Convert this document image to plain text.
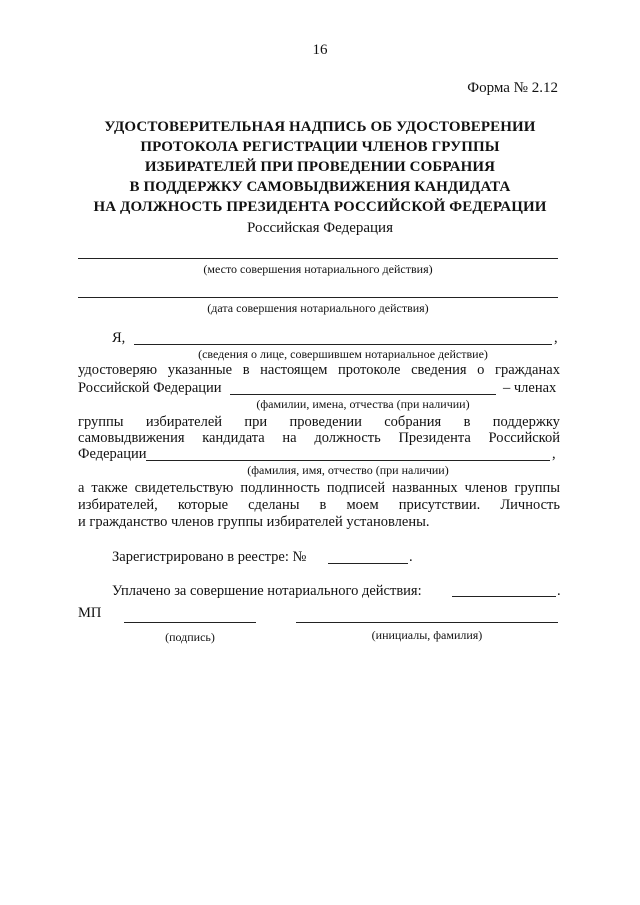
16
Форма № 2.12
УДОСТОВЕРИТЕЛЬНАЯ НАДПИСЬ ОБ УДОСТОВЕРЕНИИ
ПРОТОКОЛА РЕГИСТРАЦИИ ЧЛЕНОВ ГРУППЫ
ИЗБИРАТЕЛЕЙ ПРИ ПРОВЕДЕНИИ СОБРАНИЯ
В ПОДДЕРЖКУ САМОВЫДВИЖЕНИЯ КАНДИДАТА
НА ДОЛЖНОСТЬ ПРЕЗИДЕНТА РОССИЙСКОЙ ФЕДЕРАЦИИ
Российская Федерация
(место совершения нотариального действия)
(дата совершения нотариального действия)
Я,	,
(сведения о лице, совершившем нотариальное действие)
удостоверяю указанные в настоящем протоколе сведения о гражданах
Российской Федерации	– членах
(фамилии, имена, отчества (при наличии)
группы избирателей при проведении собрания в поддержку
самовыдвижения кандидата на должность Президента Российской
Федерации	,
(фамилия, имя, отчество (при наличии)
а также свидетельствую подлинность подписей названных членов группы
избирателей, которые сделаны в моем присутствии. Личность
и гражданство членов группы избирателей установлены.
Зарегистрировано в реестре: №	.
Уплачено за совершение нотариального действия:	.
МП
(подпись)	(инициалы, фамилия)
